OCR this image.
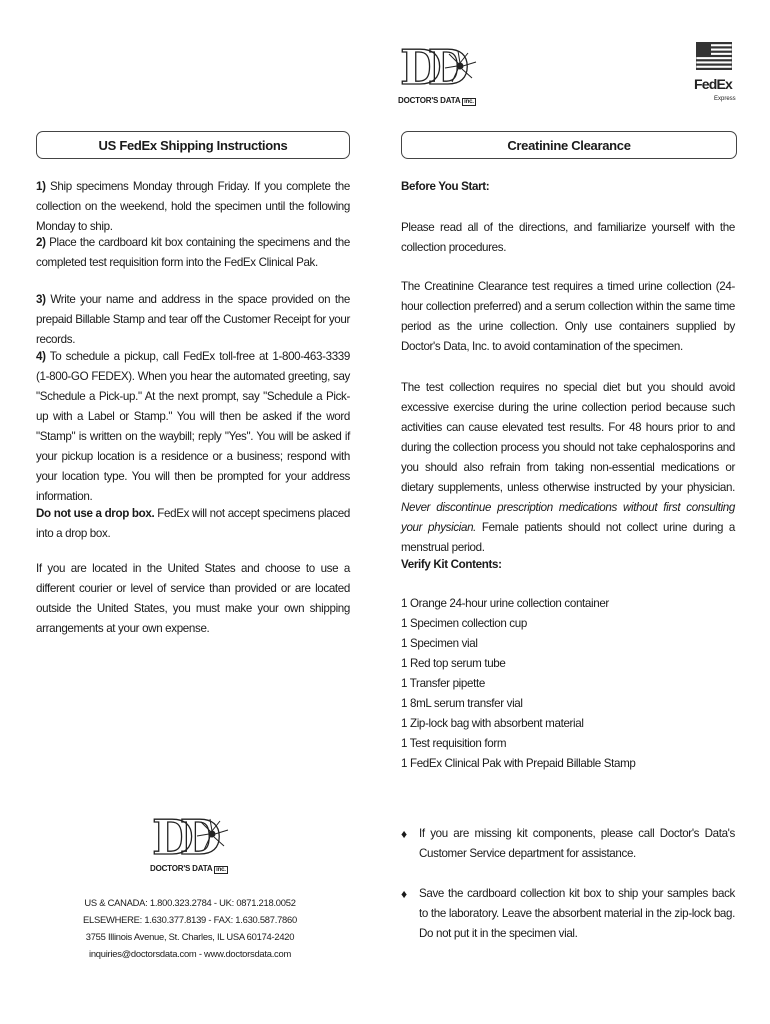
DD
DOCTOR'S DATA inc.
FedEx
Express
US FedEx Shipping Instructions

1) Ship specimens Monday through Friday. If you complete the collection on the weekend, hold the specimen until the following Monday to ship.

2) Place the cardboard kit box containing the specimens and the completed test requisition form into the FedEx Clinical Pak.

3) Write your name and address in the space provided on the prepaid Billable Stamp and tear off the Customer Receipt for your records.

4) To schedule a pickup, call FedEx toll-free at 1-800-463-3339 (1-800-GO FEDEX). When you hear the automated greeting, say "Schedule a Pick-up." At the next prompt, say "Schedule a Pick-up with a Label or Stamp." You will then be asked if the word "Stamp" is written on the waybill; reply "Yes". You will be asked if your pickup location is a residence or a business; respond with your location type. You will then be prompted for your address information.

Do not use a drop box. FedEx will not accept specimens placed into a drop box.

If you are located in the United States and choose to use a different courier or level of service than provided or are located outside the United States, you must make your own shipping arrangements at your own expense.

Creatinine Clearance

Before You Start:

Please read all of the directions, and familiarize yourself with the collection procedures.

The Creatinine Clearance test requires a timed urine collection (24-hour collection preferred) and a serum collection within the same time period as the urine collection. Only use containers supplied by Doctor's Data, Inc. to avoid contamination of the specimen.

The test collection requires no special diet but you should avoid excessive exercise during the urine collection period because such activities can cause elevated test results. For 48 hours prior to and during the collection process you should not take cephalosporins and you should also refrain from taking non-essential medications or dietary supplements, unless otherwise instructed by your physician. Never discontinue prescription medications without first consulting your physician. Female patients should not collect urine during a menstrual period.

Verify Kit Contents:

1 Orange 24-hour urine collection container
1 Specimen collection cup
1 Specimen vial
1 Red top serum tube
1 Transfer pipette
1 8mL serum transfer vial
1 Zip-lock bag with absorbent material
1 Test requisition form
1 FedEx Clinical Pak with Prepaid Billable Stamp
♦	If you are missing kit components, please call Doctor's Data's Customer Service department for assistance.
♦	Save the cardboard collection kit box to ship your samples back to the laboratory. Leave the absorbent material in the zip-lock bag. Do not put it in the specimen vial.
DD
DOCTOR'S DATA inc.
US & CANADA: 1.800.323.2784 - UK: 0871.218.0052
ELSEWHERE: 1.630.377.8139 - FAX: 1.630.587.7860
3755 Illinois Avenue, St. Charles, IL USA 60174-2420
inquiries@doctorsdata.com - www.doctorsdata.com
